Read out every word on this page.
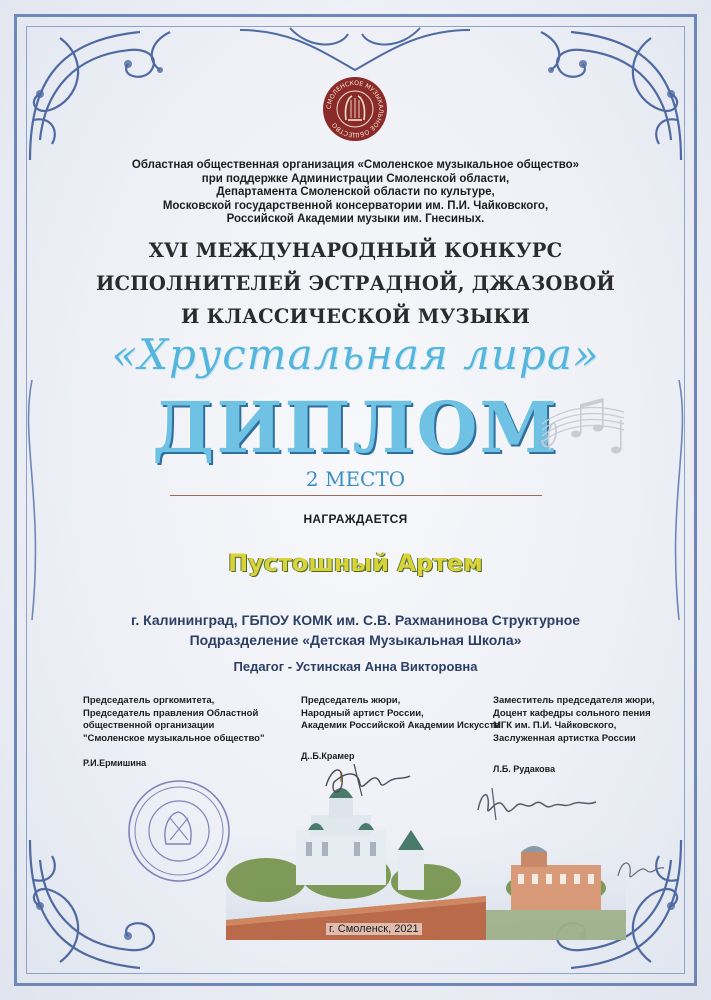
СМОЛЕНСКОЕ МУЗЫКАЛЬНОЕ ОБЩЕСТВО
Областная общественная организация «Смоленское музыкальное общество»
при поддержке Администрации Смоленской области,
Департамента Смоленской области по культуре,
Московской государственной консерватории им. П.И. Чайковского,
Российской Академии музыки им. Гнесиных.
XVI МЕЖДУНАРОДНЫЙ КОНКУРС
ИСПОЛНИТЕЛЕЙ ЭСТРАДНОЙ, ДЖАЗОВОЙ
И КЛАССИЧЕСКОЙ МУЗЫКИ
«Хрустальная лира»
ДИПЛОМ
2 МЕСТО
НАГРАЖДАЕТСЯ
Пустошный Артем
г. Калининград, ГБПОУ КОМК им. С.В. Рахманинова Структурное
Подразделение «Детская Музыкальная Школа»
Педагог - Устинская Анна Викторовна
Председатель оргкомитета,
Председатель правления Областной
общественной организации
"Смоленское музыкальное общество"
Р.И.Ермишина
Председатель жюри,
Народный артист России,
Академик Российской Академии Искусств
Д..Б.Крамер
Заместитель председателя жюри,
Доцент кафедры сольного пения
МГК им. П.И. Чайковского,
Заслуженная артистка России
Л.Б. Рудакова
г. Смоленск, 2021
